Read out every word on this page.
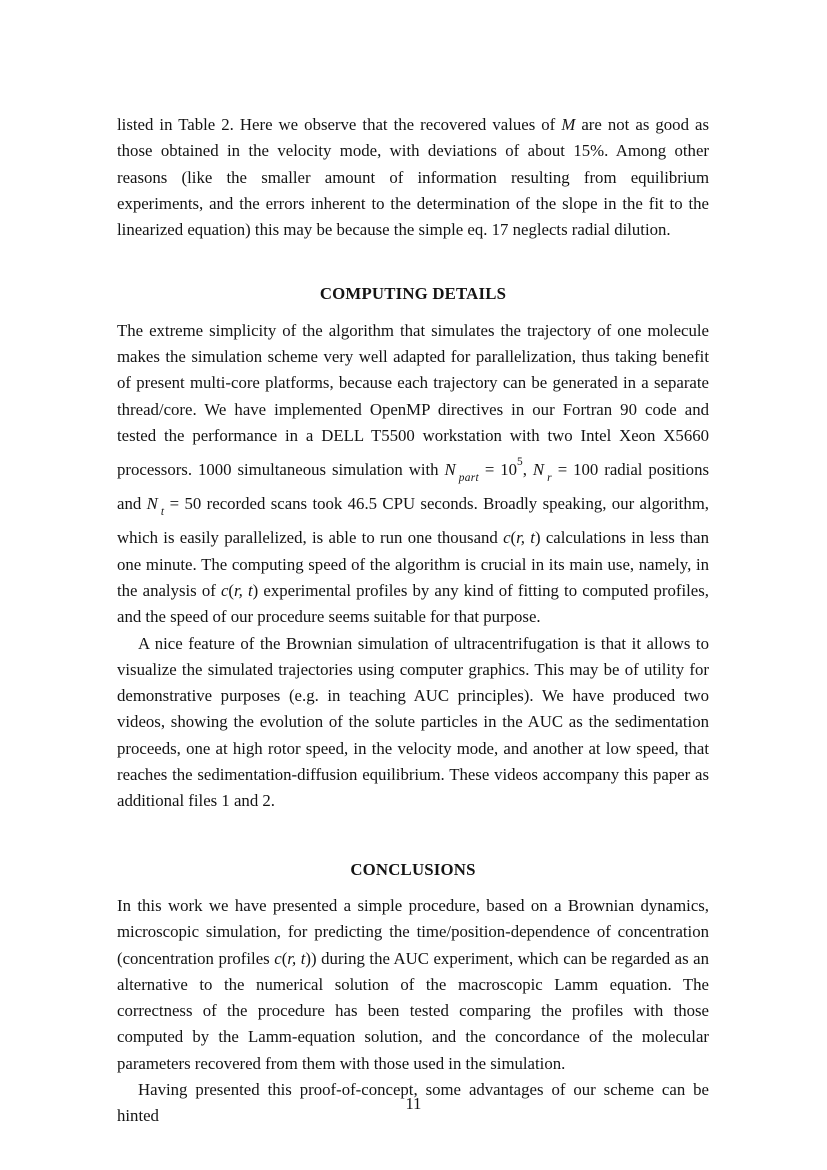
listed in Table 2. Here we observe that the recovered values of M are not as good as those obtained in the velocity mode, with deviations of about 15%. Among other reasons (like the smaller amount of information resulting from equilibrium experiments, and the errors inherent to the determination of the slope in the fit to the linearized equation) this may be because the simple eq. 17 neglects radial dilution.

COMPUTING DETAILS

The extreme simplicity of the algorithm that simulates the trajectory of one molecule makes the simulation scheme very well adapted for parallelization, thus taking benefit of present multi-core platforms, because each trajectory can be generated in a separate thread/core. We have implemented OpenMP directives in our Fortran 90 code and tested the performance in a DELL T5500 workstation with two Intel Xeon X5660 processors. 1000 simultaneous simulation with N $_{part} = 10^5$, N $_r$ = 100 radial positions and N $_t$ = 50 recorded scans took 46.5 CPU seconds. Broadly speaking, our algorithm, which is easily parallelized, is able to run one thousand c(r, t) calculations in less than one minute. The computing speed of the algorithm is crucial in its main use, namely, in the analysis of c(r, t) experimental profiles by any kind of fitting to computed profiles, and the speed of our procedure seems suitable for that purpose.

A nice feature of the Brownian simulation of ultracentrifugation is that it allows to visualize the simulated trajectories using computer graphics. This may be of utility for demonstrative purposes (e.g. in teaching AUC principles). We have produced two videos, showing the evolution of the solute particles in the AUC as the sedimentation proceeds, one at high rotor speed, in the velocity mode, and another at low speed, that reaches the sedimentation-diffusion equilibrium. These videos accompany this paper as additional files 1 and 2.

CONCLUSIONS

In this work we have presented a simple procedure, based on a Brownian dynamics, microscopic simulation, for predicting the time/position-dependence of concentration (concentration profiles c(r, t)) during the AUC experiment, which can be regarded as an alternative to the numerical solution of the macroscopic Lamm equation. The correctness of the procedure has been tested comparing the profiles with those computed by the Lamm-equation solution, and the concordance of the molecular parameters recovered from them with those used in the simulation.

Having presented this proof-of-concept, some advantages of our scheme can be hinted

11
